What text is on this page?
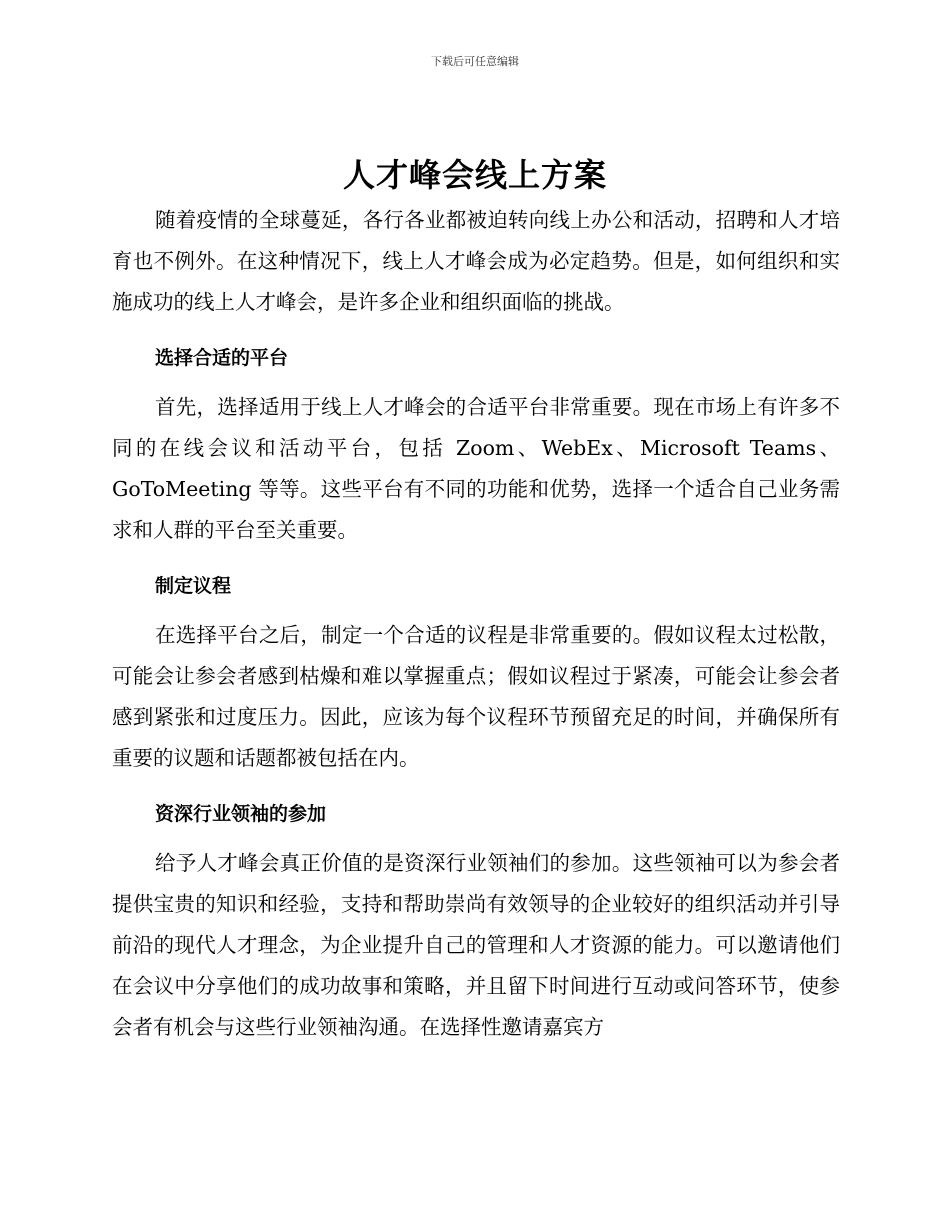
下载后可任意编辑
人才峰会线上方案

随着疫情的全球蔓延，各行各业都被迫转向线上办公和活动，招聘和人才培育也不例外。在这种情况下，线上人才峰会成为必定趋势。但是，如何组织和实施成功的线上人才峰会，是许多企业和组织面临的挑战。

选择合适的平台

首先，选择适用于线上人才峰会的合适平台非常重要。现在市场上有许多不同的在线会议和活动平台，包括 Zoom、WebEx、Microsoft Teams、GoToMeeting 等等。这些平台有不同的功能和优势，选择一个适合自己业务需求和人群的平台至关重要。

制定议程

在选择平台之后，制定一个合适的议程是非常重要的。假如议程太过松散，可能会让参会者感到枯燥和难以掌握重点；假如议程过于紧凑，可能会让参会者感到紧张和过度压力。因此，应该为每个议程环节预留充足的时间，并确保所有重要的议题和话题都被包括在内。

资深行业领袖的参加

给予人才峰会真正价值的是资深行业领袖们的参加。这些领袖可以为参会者提供宝贵的知识和经验，支持和帮助崇尚有效领导的企业较好的组织活动并引导前沿的现代人才理念，为企业提升自己的管理和人才资源的能力。可以邀请他们在会议中分享他们的成功故事和策略，并且留下时间进行互动或问答环节，使参会者有机会与这些行业领袖沟通。在选择性邀请嘉宾方
